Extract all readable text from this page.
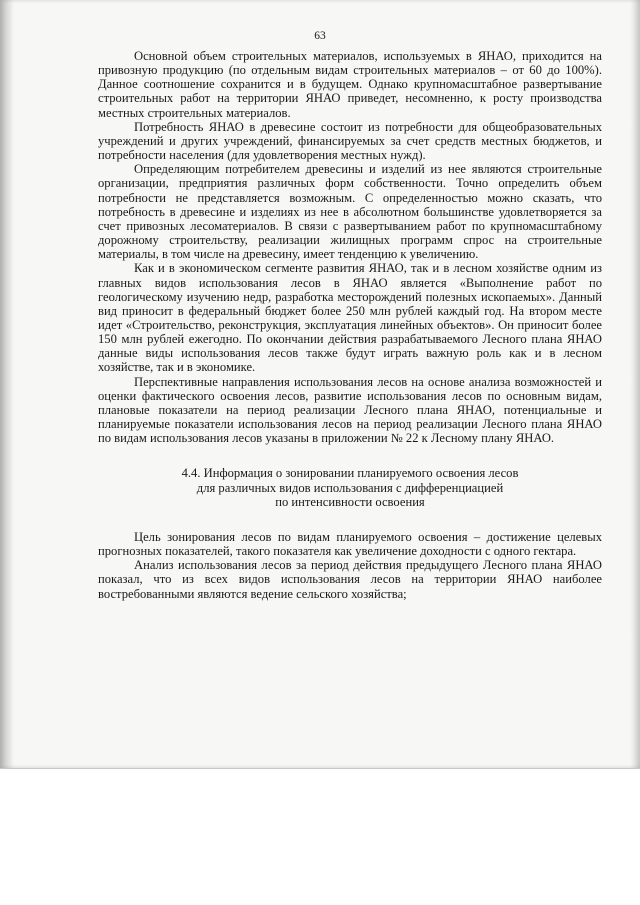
63

Основной объем строительных материалов, используемых в ЯНАО, приходится на привозную продукцию (по отдельным видам строительных материалов – от 60 до 100%). Данное соотношение сохранится и в будущем. Однако крупномасштабное развертывание строительных работ на территории ЯНАО приведет, несомненно, к росту производства местных строительных материалов.

Потребность ЯНАО в древесине состоит из потребности для общеобразовательных учреждений и других учреждений, финансируемых за счет средств местных бюджетов, и потребности населения (для удовлетворения местных нужд).

Определяющим потребителем древесины и изделий из нее являются строительные организации, предприятия различных форм собственности. Точно определить объем потребности не представляется возможным. С определенностью можно сказать, что потребность в древесине и изделиях из нее в абсолютном большинстве удовлетворяется за счет привозных лесоматериалов. В связи с развертыванием работ по крупномасштабному дорожному строительству, реализации жилищных программ спрос на строительные материалы, в том числе на древесину, имеет тенденцию к увеличению.

Как и в экономическом сегменте развития ЯНАО, так и в лесном хозяйстве одним из главных видов использования лесов в ЯНАО является «Выполнение работ по геологическому изучению недр, разработка месторождений полезных ископаемых». Данный вид приносит в федеральный бюджет более 250 млн рублей каждый год. На втором месте идет «Строительство, реконструкция, эксплуатация линейных объектов». Он приносит более 150 млн рублей ежегодно. По окончании действия разрабатываемого Лесного плана ЯНАО данные виды использования лесов также будут играть важную роль как и в лесном хозяйстве, так и в экономике.

Перспективные направления использования лесов на основе анализа возможностей и оценки фактического освоения лесов, развитие использования лесов по основным видам, плановые показатели на период реализации Лесного плана ЯНАО, потенциальные и планируемые показатели использования лесов на период реализации Лесного плана ЯНАО по видам использования лесов указаны в приложении № 22 к Лесному плану ЯНАО.

4.4. Информация о зонировании планируемого освоения лесов
для различных видов использования с дифференциацией
по интенсивности освоения

Цель зонирования лесов по видам планируемого освоения – достижение целевых прогнозных показателей, такого показателя как увеличение доходности с одного гектара.

Анализ использования лесов за период действия предыдущего Лесного плана ЯНАО показал, что из всех видов использования лесов на территории ЯНАО наиболее востребованными являются ведение сельского хозяйства;
